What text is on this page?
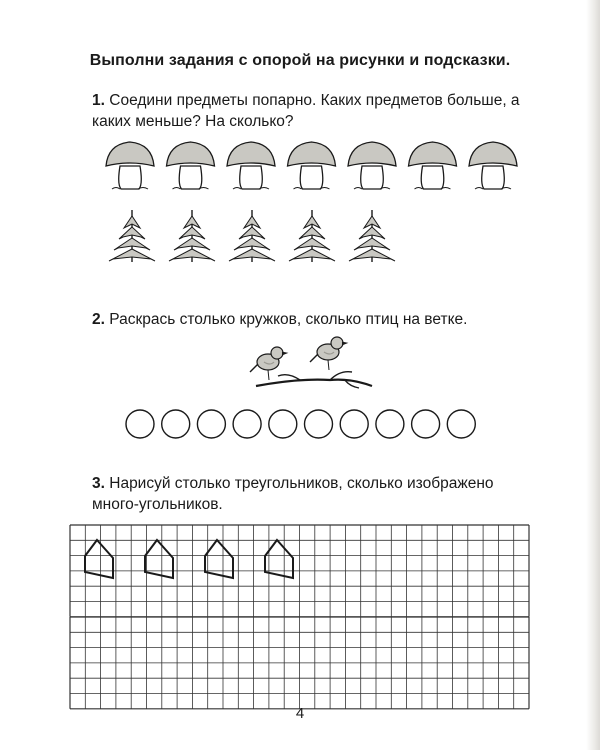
Выполни задания с опорой на рисунки и подсказки.
1. Соедини предметы попарно. Каких предметов больше, а каких меньше? На сколько?
2. Раскрась столько кружков, сколько птиц на ветке.
3. Нарисуй столько треугольников, сколько изображено много-угольников.
4
